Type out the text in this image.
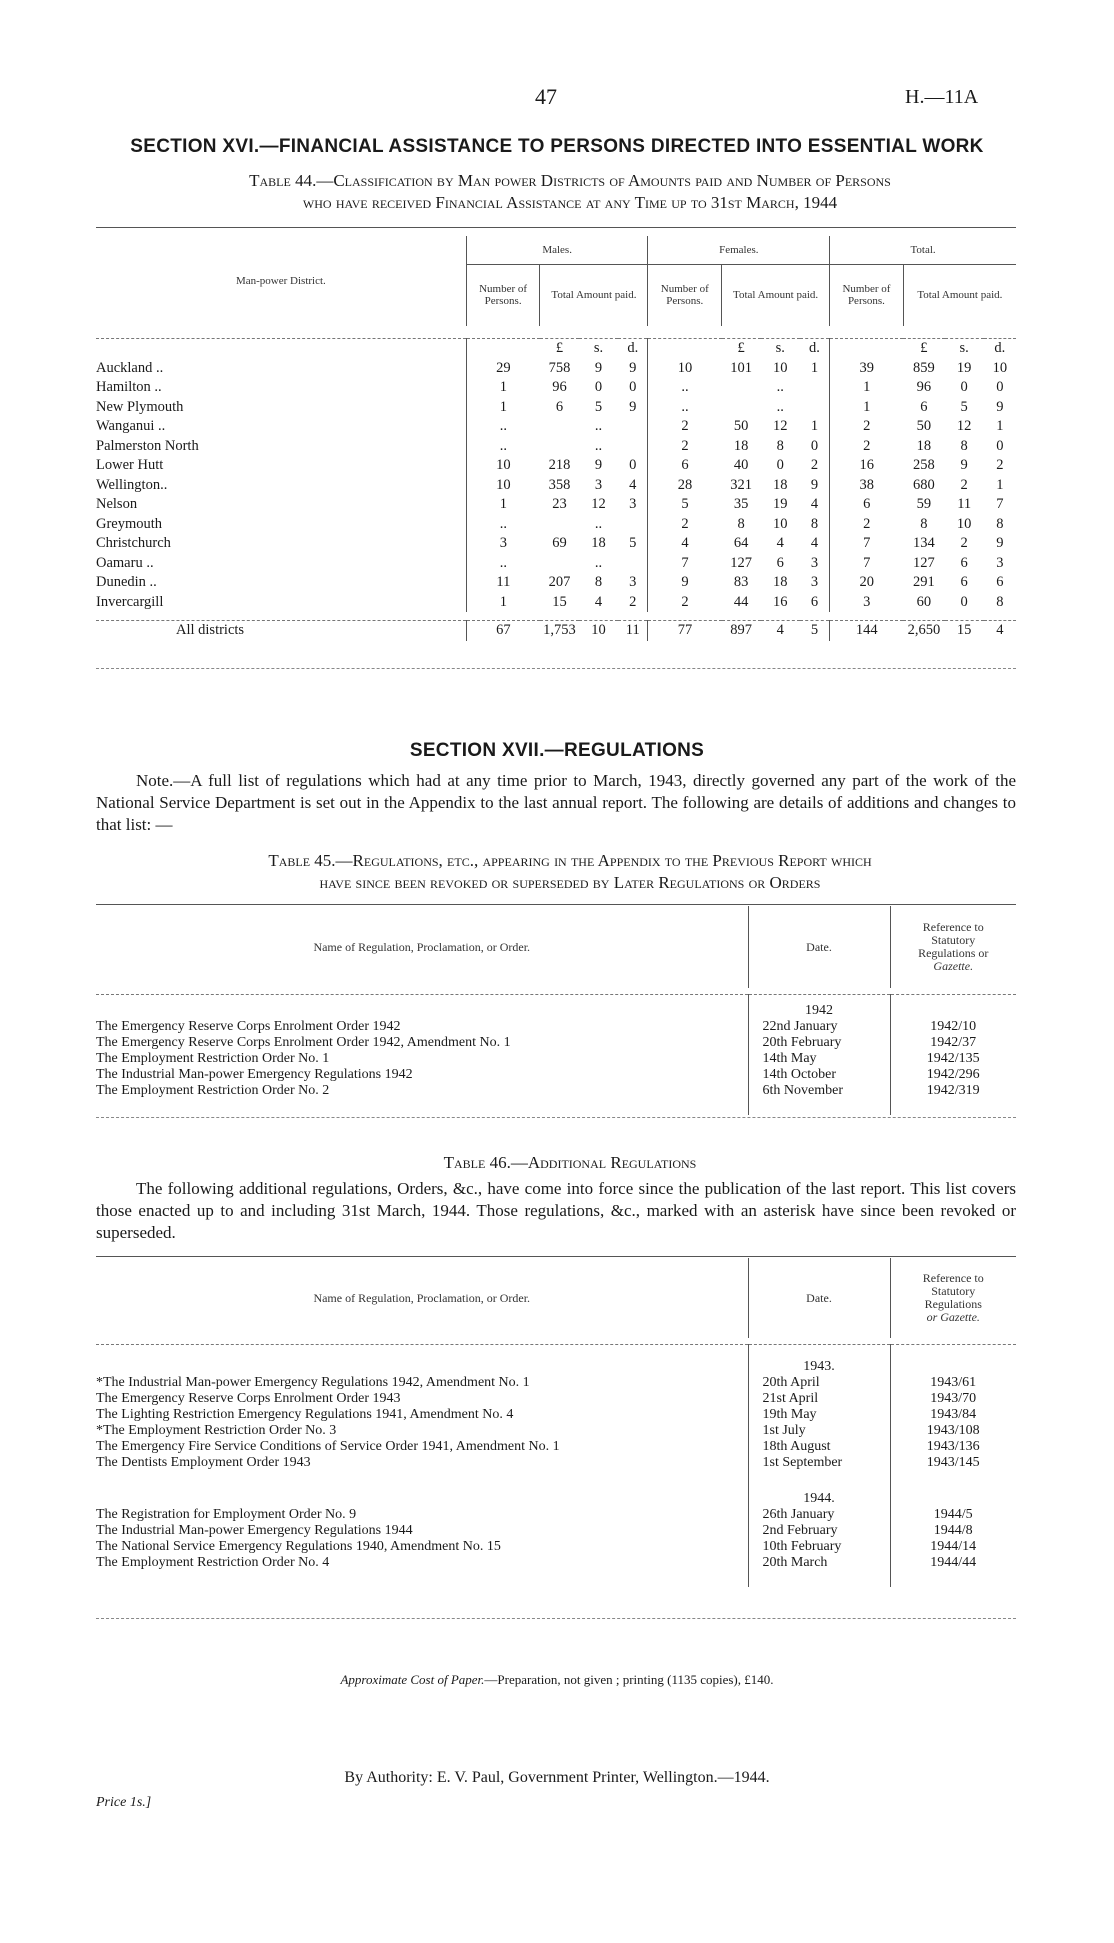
47	H.—11A
SECTION XVI.—FINANCIAL ASSISTANCE TO PERSONS DIRECTED INTO ESSENTIAL WORK
Table 44.—Classification by Man power Districts of Amounts paid and Number of Persons
who have received Financial Assistance at any Time up to 31st March, 1944
Man-power District.	Males.				Females.				Total.			
	Number of Persons.	Total Amount paid.			Number of Persons.	Total Amount paid.			Number of Persons.	Total Amount paid.		

		£	s.	d.		£	s.	d.		£	s.	d.
Auckland ..	29	758	9	9	10	101	10	1	39	859	19	10
Hamilton ..	1	96	0	0	..		..		1	96	0	0
New Plymouth	1	6	5	9	..		..		1	6	5	9
Wanganui ..	..		..		2	50	12	1	2	50	12	1
Palmerston North	..		..		2	18	8	0	2	18	8	0
Lower Hutt	10	218	9	0	6	40	0	2	16	258	9	2
Wellington..	10	358	3	4	28	321	18	9	38	680	2	1
Nelson	1	23	12	3	5	35	19	4	6	59	11	7
Greymouth	..		..		2	8	10	8	2	8	10	8
Christchurch	3	69	18	5	4	64	4	4	7	134	2	9
Oamaru ..	..		..		7	127	6	3	7	127	6	3
Dunedin ..	11	207	8	3	9	83	18	3	20	291	6	6
Invercargill	1	15	4	2	2	44	16	6	3	60	0	8

All districts	67	1,753	10	11	77	897	4	5	144	2,650	15	4
SECTION XVII.—REGULATIONS
Note.—A full list of regulations which had at any time prior to March, 1943, directly governed any part of the work of the National Service Department is set out in the Appendix to the last annual report. The following are details of additions and changes to that list: —
Table 45.—Regulations, etc., appearing in the Appendix to the Previous Report which
have since been revoked or superseded by Later Regulations or Orders
Name of Regulation, Proclamation, or Order.	Date.	Reference to
Statutory
Regulations or
Gazette.

	1942	
The Emergency Reserve Corps Enrolment Order 1942	22nd January	1942/10
The Emergency Reserve Corps Enrolment Order 1942, Amendment No. 1	20th February	1942/37
The Employment Restriction Order No. 1	14th May	1942/135
The Industrial Man-power Emergency Regulations 1942	14th October	1942/296
The Employment Restriction Order No. 2	6th November	1942/319

Table 46.—Additional Regulations
The following additional regulations, Orders, &c., have come into force since the publication of the last report. This list covers those enacted up to and including 31st March, 1944. Those regulations, &c., marked with an asterisk have since been revoked or superseded.
Name of Regulation, Proclamation, or Order.	Date.	Reference to
Statutory
Regulations
or Gazette.

	1943.	
*The Industrial Man-power Emergency Regulations 1942, Amendment No. 1	20th April	1943/61
The Emergency Reserve Corps Enrolment Order 1943	21st April	1943/70
The Lighting Restriction Emergency Regulations 1941, Amendment No. 4	19th May	1943/84
*The Employment Restriction Order No. 3	1st July	1943/108
The Emergency Fire Service Conditions of Service Order 1941, Amendment No. 1	18th August	1943/136
The Dentists Employment Order 1943	1st September	1943/145
	1944.	
The Registration for Employment Order No. 9	26th January	1944/5
The Industrial Man-power Emergency Regulations 1944	2nd February	1944/8
The National Service Emergency Regulations 1940, Amendment No. 15	10th February	1944/14
The Employment Restriction Order No. 4	20th March	1944/44

Approximate Cost of Paper.—Preparation, not given ; printing (1135 copies), £140.
By Authority: E. V. Paul, Government Printer, Wellington.—1944.
Price 1s.]
